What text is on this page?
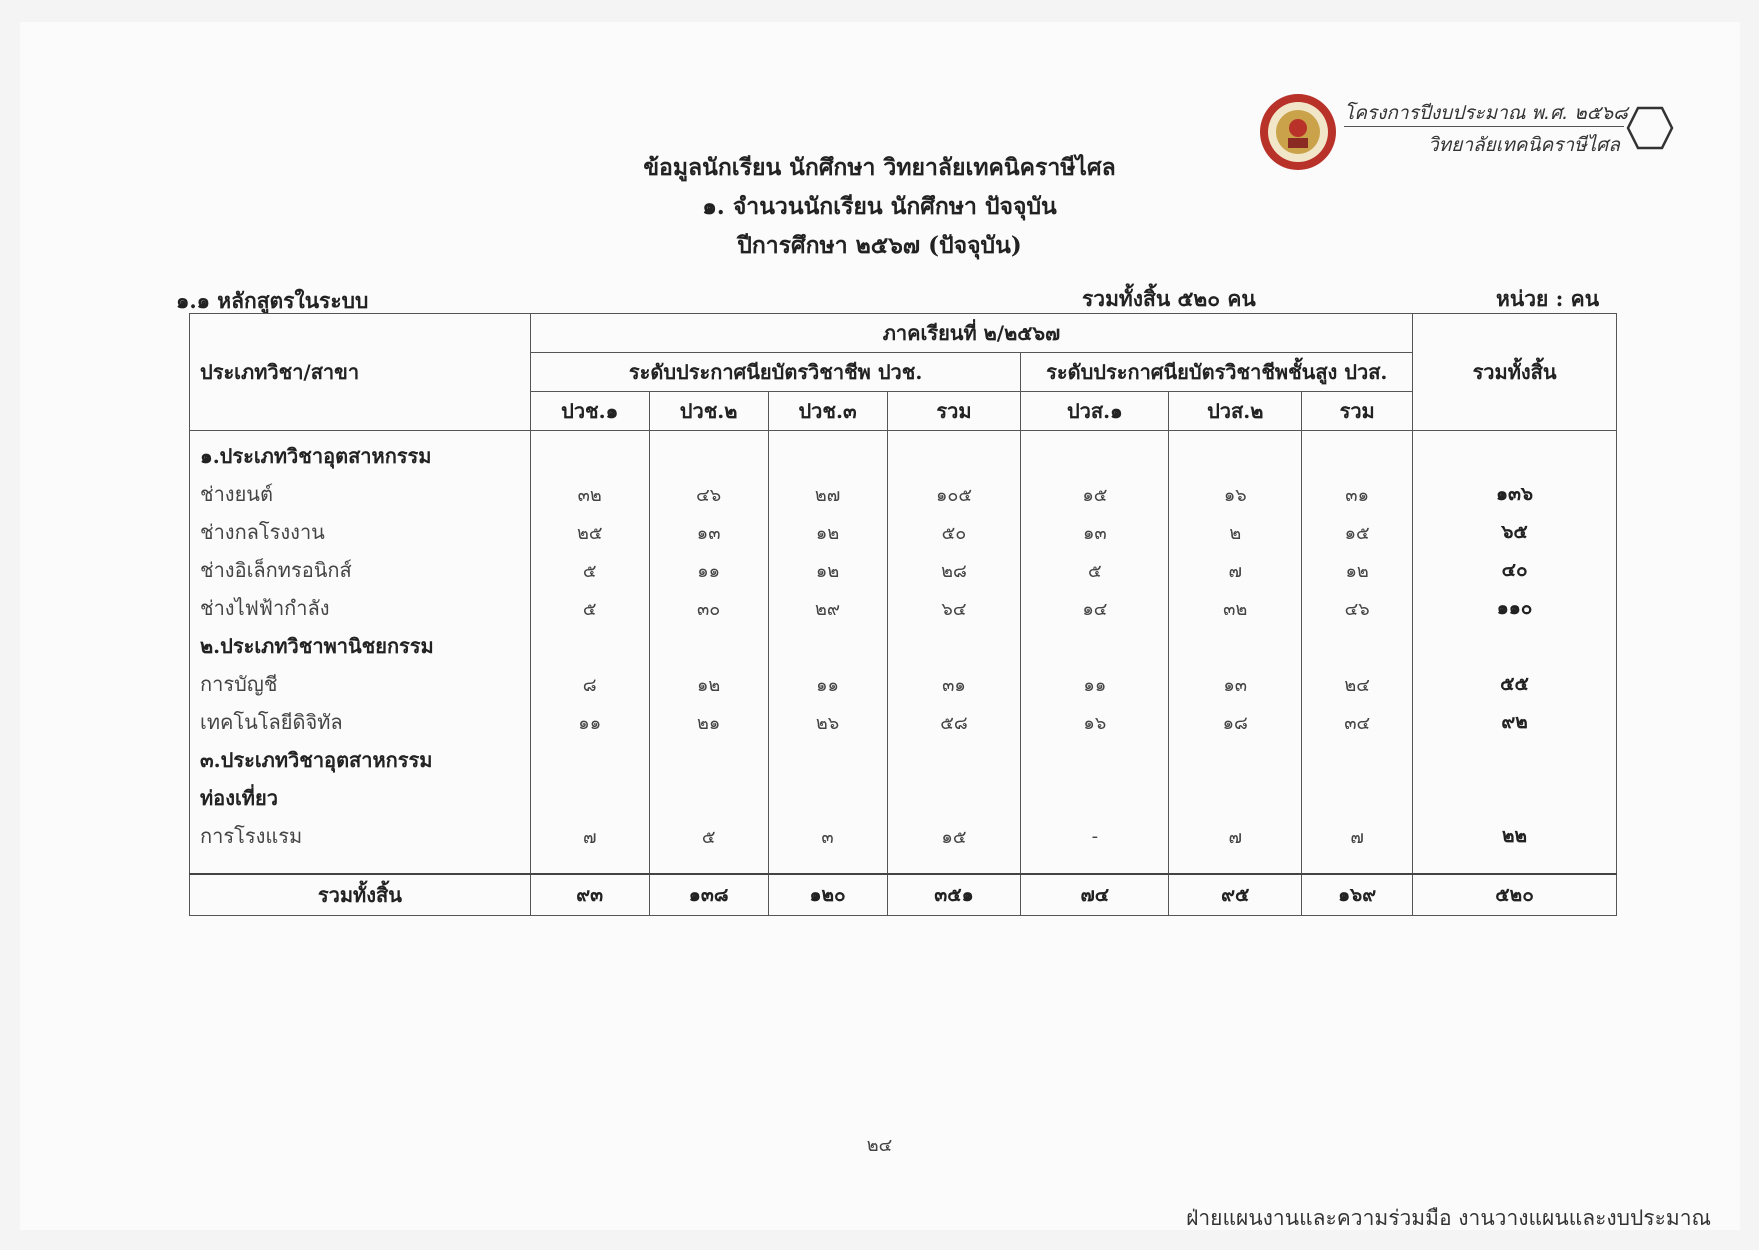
โครงการปีงบประมาณ พ.ศ. ๒๕๖๘
วิทยาลัยเทคนิคราษีไศล
ข้อมูลนักเรียน นักศึกษา วิทยาลัยเทคนิคราษีไศล
๑. จำนวนนักเรียน นักศึกษา ปัจจุบัน
ปีการศึกษา ๒๕๖๗ (ปัจจุบัน)
๑.๑ หลักสูตรในระบบ	รวมทั้งสิ้น ๕๒๐ คน	หน่วย : คน
ประเภทวิชา/สาขา	ภาคเรียนที่ ๒/๒๕๖๗							รวมทั้งสิ้น
	ระดับประกาศนียบัตรวิชาชีพ ปวช.				ระดับประกาศนียบัตรวิชาชีพชั้นสูง ปวส.			
	ปวช.๑	ปวช.๒	ปวช.๓	รวม	ปวส.๑	ปวส.๒	รวม	
๑.ประเภทวิชาอุตสาหกรรม								
ช่างยนต์	๓๒	๔๖	๒๗	๑๐๕	๑๕	๑๖	๓๑	๑๓๖
ช่างกลโรงงาน	๒๕	๑๓	๑๒	๕๐	๑๓	๒	๑๕	๖๕
ช่างอิเล็กทรอนิกส์	๕	๑๑	๑๒	๒๘	๕	๗	๑๒	๔๐
ช่างไฟฟ้ากำลัง	๕	๓๐	๒๙	๖๔	๑๔	๓๒	๔๖	๑๑๐
๒.ประเภทวิชาพานิชยกรรม								
การบัญชี	๘	๑๒	๑๑	๓๑	๑๑	๑๓	๒๔	๕๕
เทคโนโลยีดิจิทัล	๑๑	๒๑	๒๖	๕๘	๑๖	๑๘	๓๔	๙๒
๓.ประเภทวิชาอุตสาหกรรม								
ท่องเที่ยว								
การโรงแรม	๗	๕	๓	๑๕	-	๗	๗	๒๒

รวมทั้งสิ้น	๙๓	๑๓๘	๑๒๐	๓๕๑	๗๔	๙๕	๑๖๙	๕๒๐
๒๔
ฝ่ายแผนงานและความร่วมมือ งานวางแผนและงบประมาณ
